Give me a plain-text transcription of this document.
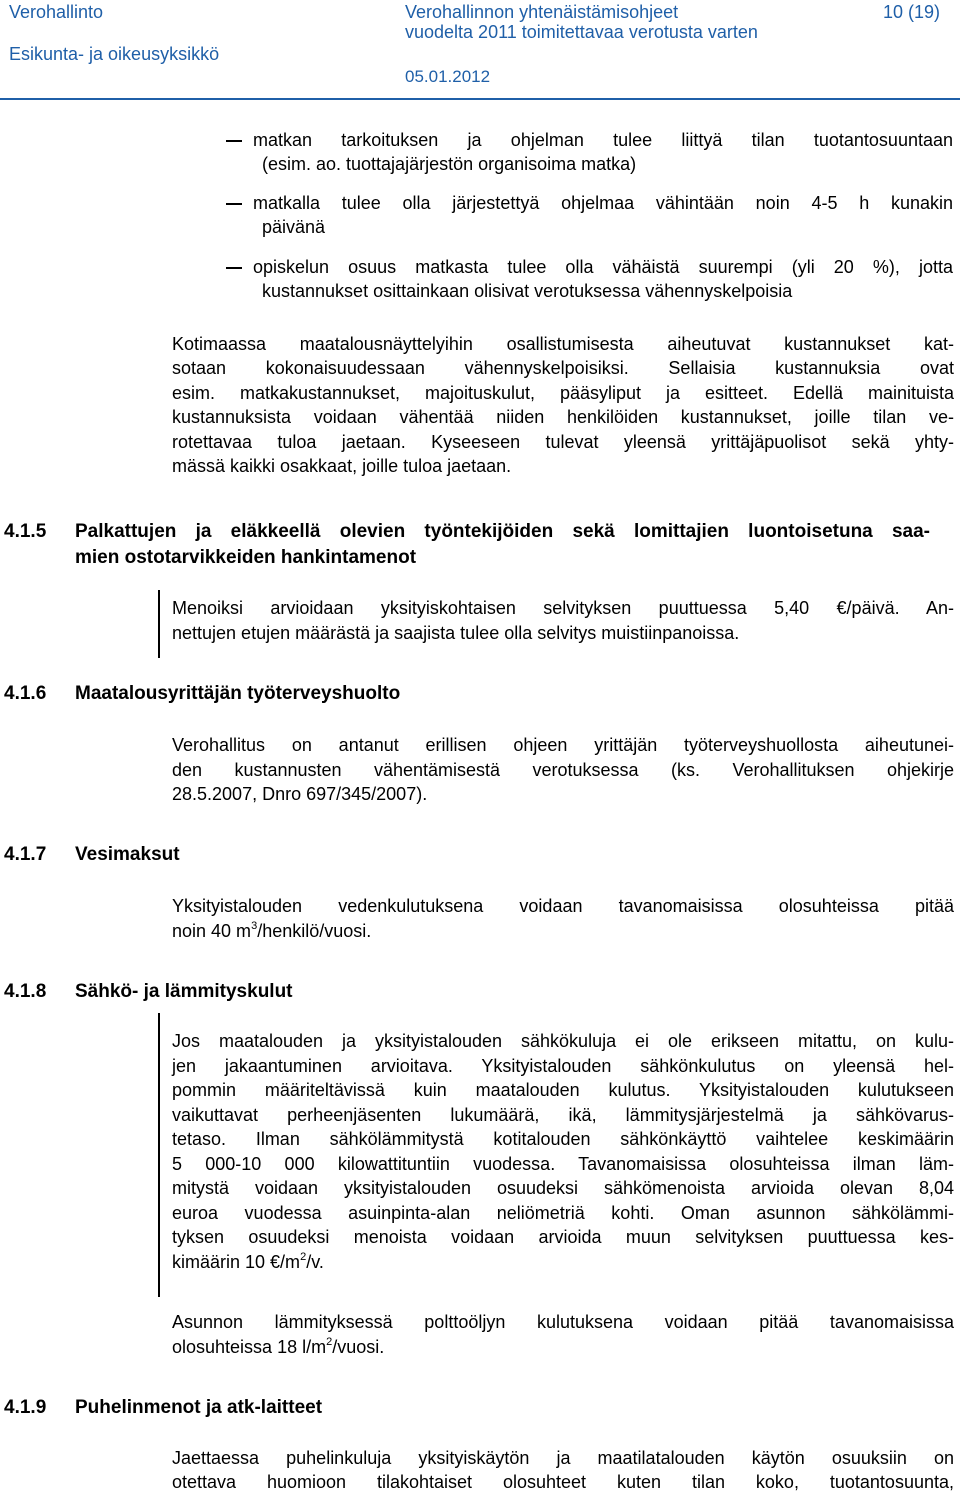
Verohallinto
Esikunta- ja oikeusyksikkö
Verohallinnon yhtenäistämisohjeet
vuodelta 2011 toimitettavaa verotusta varten
10 (19)
05.01.2012
matkan tarkoituksen ja ohjelman tulee liittyä tilan tuotantosuuntaan
(esim. ao. tuottajajärjestön organisoima matka)
matkalla tulee olla järjestettyä ohjelmaa vähintään noin 4-5 h kunakin
päivänä
opiskelun osuus matkasta tulee olla vähäistä suurempi (yli 20 %), jotta
kustannukset osittainkaan olisivat verotuksessa vähennyskelpoisia
Kotimaassa maatalousnäyttelyihin osallistumisesta aiheutuvat kustannukset kat-
sotaan kokonaisuudessaan vähennyskelpoisiksi. Sellaisia kustannuksia ovat
esim. matkakustannukset, majoituskulut, pääsyliput ja esitteet. Edellä mainituista
kustannuksista voidaan vähentää niiden henkilöiden kustannukset, joille tilan ve-
rotettavaa tuloa jaetaan. Kyseeseen tulevat yleensä yrittäjäpuolisot sekä yhty-
mässä kaikki osakkaat, joille tuloa jaetaan.
4.1.5 Palkattujen ja eläkkeellä olevien työntekijöiden sekä lomittajien luontoisetuna saa-
mien ostotarvikkeiden hankintamenot
Menoiksi arvioidaan yksityiskohtaisen selvityksen puuttuessa 5,40 €/päivä. An-
nettujen etujen määrästä ja saajista tulee olla selvitys muistiinpanoissa.
4.1.6 Maatalousyrittäjän työterveyshuolto
Verohallitus on antanut erillisen ohjeen yrittäjän työterveyshuollosta aiheutunei-
den kustannusten vähentämisestä verotuksessa (ks. Verohallituksen ohjekirje
28.5.2007, Dnro 697/345/2007).
4.1.7 Vesimaksut
Yksityistalouden vedenkulutuksena voidaan tavanomaisissa olosuhteissa pitää
noin 40 $m^3/henkilö$/vuosi.
4.1.8 Sähkö- ja lämmityskulut
Jos maatalouden ja yksityistalouden sähkökuluja ei ole erikseen mitattu, on kulu-
jen jakaantuminen arvioitava. Yksityistalouden sähkönkulutus on yleensä hel-
pommin määriteltävissä kuin maatalouden kulutus. Yksityistalouden kulutukseen
vaikuttavat perheenjäsenten lukumäärä, ikä, lämmitysjärjestelmä ja sähkövarus-
tetaso. Ilman sähkölämmitystä kotitalouden sähkönkäyttö vaihtelee keskimäärin
5 000-10 000 kilowattituntiin vuodessa. Tavanomaisissa olosuhteissa ilman läm-
mitystä voidaan yksityistalouden osuudeksi sähkömenoista arvioida olevan 8,04
euroa vuodessa asuinpinta-alan neliömetriä kohti. Oman asunnon sähkölämmi-
tyksen osuudeksi menoista voidaan arvioida muun selvityksen puuttuessa kes-
kimäärin 10 $€/m^2/v$.
Asunnon lämmityksessä polttoöljyn kulutuksena voidaan pitää tavanomaisissa
olosuhteissa 18 $l/m^2$/vuosi.
4.1.9 Puhelinmenot ja atk-laitteet
Jaettaessa puhelinkuluja yksityiskäytön ja maatilatalouden käytön osuuksiin on
otettava huomioon tilakohtaiset olosuhteet kuten tilan koko, tuotantosuunta,
